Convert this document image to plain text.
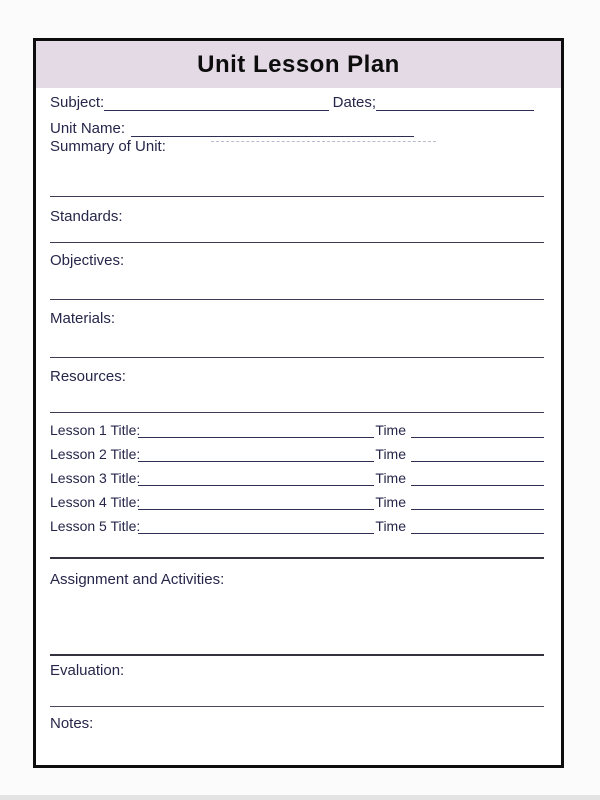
Unit Lesson Plan
Subject:	Dates;
Unit Name:
Summary of Unit:
Standards:
Objectives:
Materials:
Resources:
Lesson 1 Title:	Time
Lesson 2 Title:	Time
Lesson 3 Title:	Time
Lesson 4 Title:	Time
Lesson 5 Title:	Time
Assignment and Activities:
Evaluation:
Notes:
